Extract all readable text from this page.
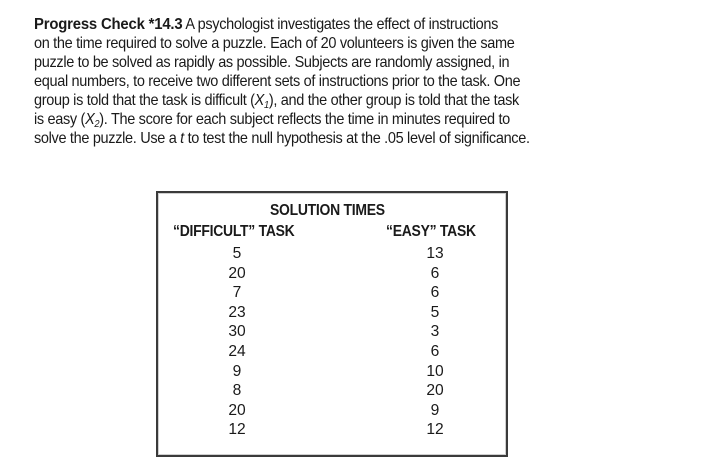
Progress Check *14.3 A psychologist investigates the effect of instructions
on the time required to solve a puzzle. Each of 20 volunteers is given the same
puzzle to be solved as rapidly as possible. Subjects are randomly assigned, in
equal numbers, to receive two different sets of instructions prior to the task. One
group is told that the task is difficult $(X_1)$, and the other group is told that the task
is easy $(X_2)$. The score for each subject reflects the time in minutes required to
solve the puzzle. Use a t to test the null hypothesis at the .05 level of significance.
SOLUTION TIMES
“DIFFICULT” TASK	“EASY” TASK
5
20
7
23
30
24
9
8
20
12
13
6
6
5
3
6
10
20
9
12
